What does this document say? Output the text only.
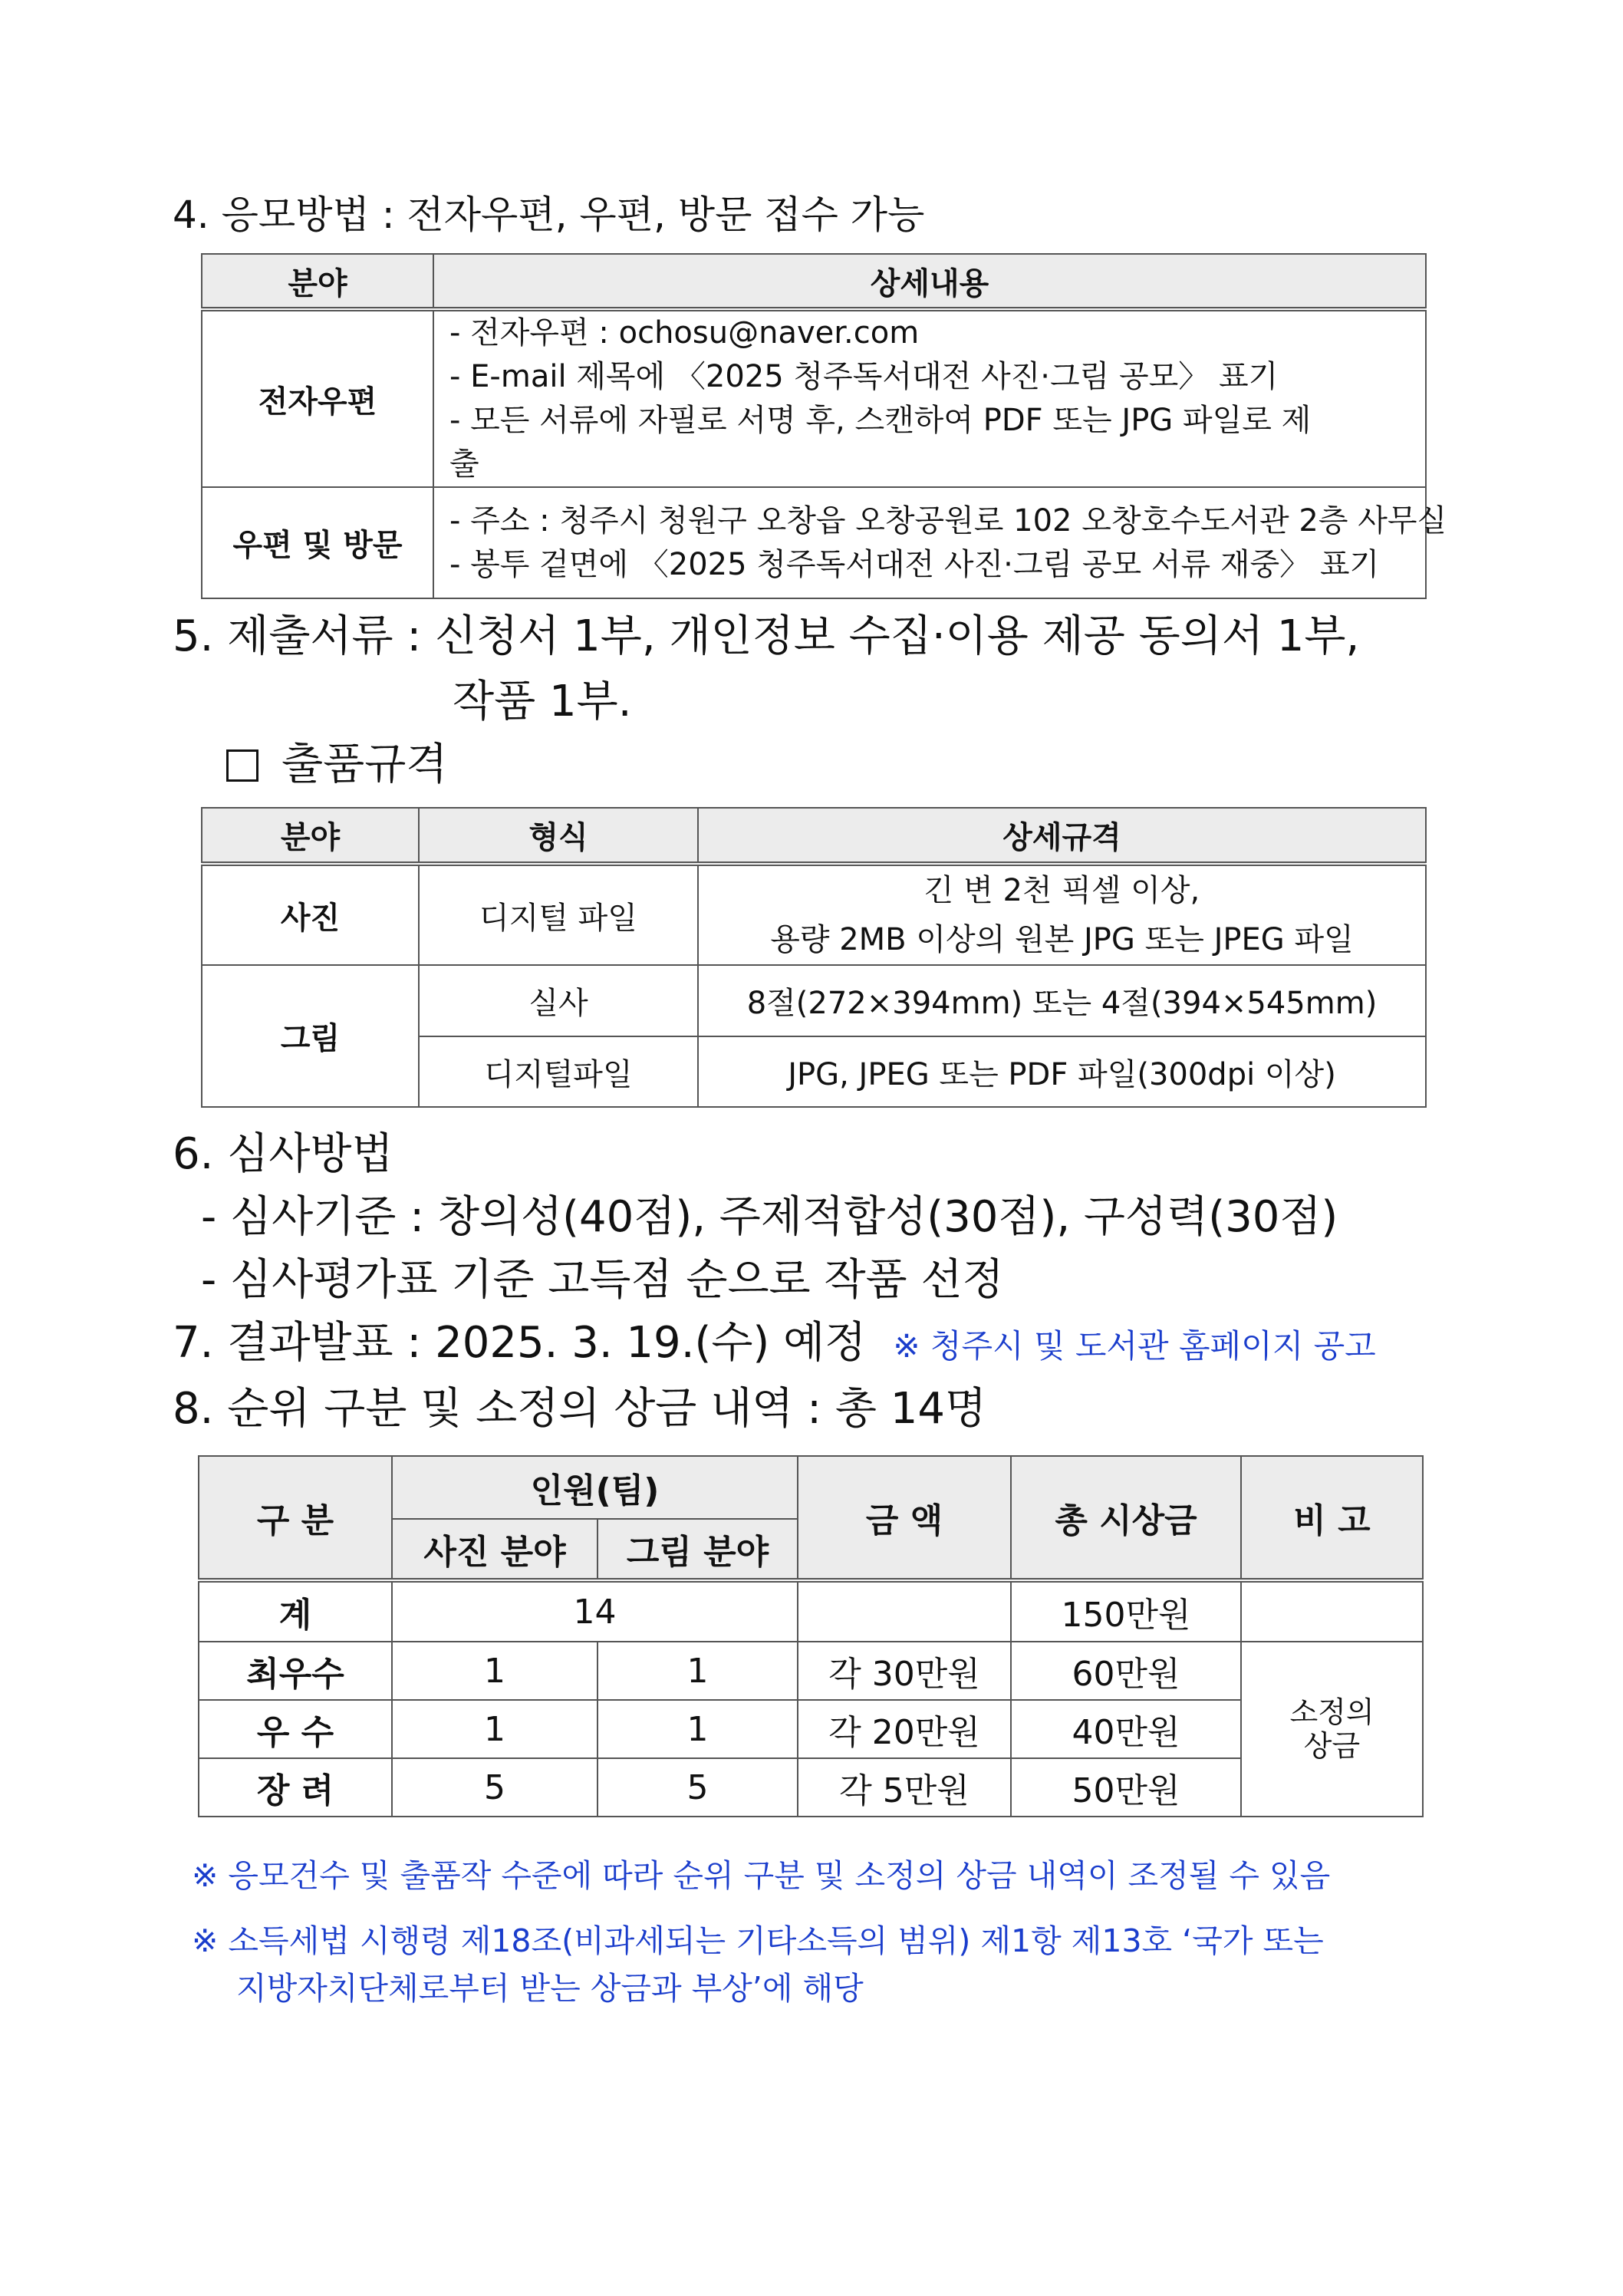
4. 응모방법 : 전자우편, 우편, 방문 접수 가능
분야	상세내용
전자우편	- 전자우편 : ochosu@naver.com
- E-mail 제목에 〈2025 청주독서대전 사진·그림 공모〉 표기
- 모든 서류에 자필로 서명 후, 스캔하여 PDF 또는 JPG 파일로 제
출

우편 및 방문	- 주소 : 청주시 청원구 오창읍 오창공원로 102 오창호수도서관 2층 사무실
- 봉투 겉면에 〈2025 청주독서대전 사진·그림 공모 서류 재중〉 표기
5. 제출서류 : 신청서 1부, 개인정보 수집·이용 제공 동의서 1부,
작품 1부.
출품규격
분야	형식	상세규격
사진	디지털 파일	긴 변 2천 픽셀 이상,
용량 2MB 이상의 원본 JPG 또는 JPEG 파일

그림	실사	8절(272×394mm) 또는 4절(394×545mm)
	디지털파일	JPG, JPEG 또는 PDF 파일(300dpi 이상)
6. 심사방법
- 심사기준 : 창의성(40점), 주제적합성(30점), 구성력(30점)
- 심사평가표 기준 고득점 순으로 작품 선정
7. 결과발표 : 2025. 3. 19.(수) 예정 ※ 청주시 및 도서관 홈페이지 공고
8. 순위 구분 및 소정의 상금 내역 : 총 14명
구 분	인원(팀)		금 액	총 시상금	비 고
	사진 분야	그림 분야			
계	14			150만원	
최우수	1	1	각 30만원	60만원	소정의
상금

우 수	1	1	각 20만원	40만원	
장 려	5	5	각 5만원	50만원	
※ 응모건수 및 출품작 수준에 따라 순위 구분 및 소정의 상금 내역이 조정될 수 있음
※ 소득세법 시행령 제18조(비과세되는 기타소득의 범위) 제1항 제13호 ‘국가 또는
지방자치단체로부터 받는 상금과 부상’에 해당
